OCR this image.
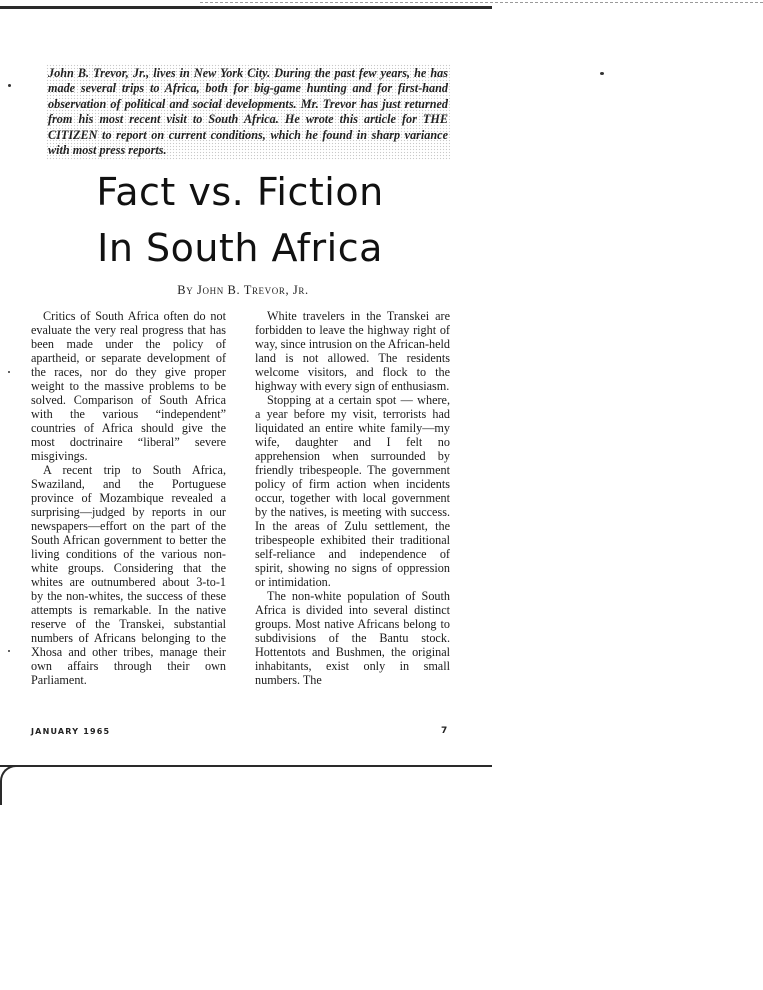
John B. Trevor, Jr., lives in New York City. During the past few years, he has made several trips to Africa, both for big-game hunting and for first-hand observation of political and social developments. Mr. Trevor has just returned from his most recent visit to South Africa. He wrote this article for THE CITIZEN to report on current conditions, which he found in sharp variance with most press reports.
Fact vs. Fiction
In South Africa
By John B. Trevor, Jr.

Critics of South Africa often do not evaluate the very real progress that has been made under the policy of apartheid, or separate development of the races, nor do they give proper weight to the massive problems to be solved. Comparison of South Africa with the various “independent” countries of Africa should give the most doctrinaire “liberal” severe misgivings.

A recent trip to South Africa, Swaziland, and the Portuguese province of Mozambique revealed a surprising—judged by reports in our newspapers—effort on the part of the South African government to better the living conditions of the various non-white groups. Considering that the whites are outnumbered about 3-to-1 by the non-whites, the success of these attempts is remarkable. In the native reserve of the Transkei, substantial numbers of Africans belonging to the Xhosa and other tribes, manage their own affairs through their own Parliament.

White travelers in the Transkei are forbidden to leave the highway right of way, since intrusion on the African-held land is not allowed. The residents welcome visitors, and flock to the highway with every sign of enthusiasm.

Stopping at a certain spot — where, a year before my visit, terrorists had liquidated an entire white family—my wife, daughter and I felt no apprehension when surrounded by friendly tribespeople. The government policy of firm action when incidents occur, together with local government by the natives, is meeting with success. In the areas of Zulu settlement, the tribespeople exhibited their traditional self-reliance and independence of spirit, showing no signs of oppression or intimidation.

The non-white population of South Africa is divided into several distinct groups. Most native Africans belong to subdivisions of the Bantu stock. Hottentots and Bushmen, the original inhabitants, exist only in small numbers. The

JANUARY 1965	7
